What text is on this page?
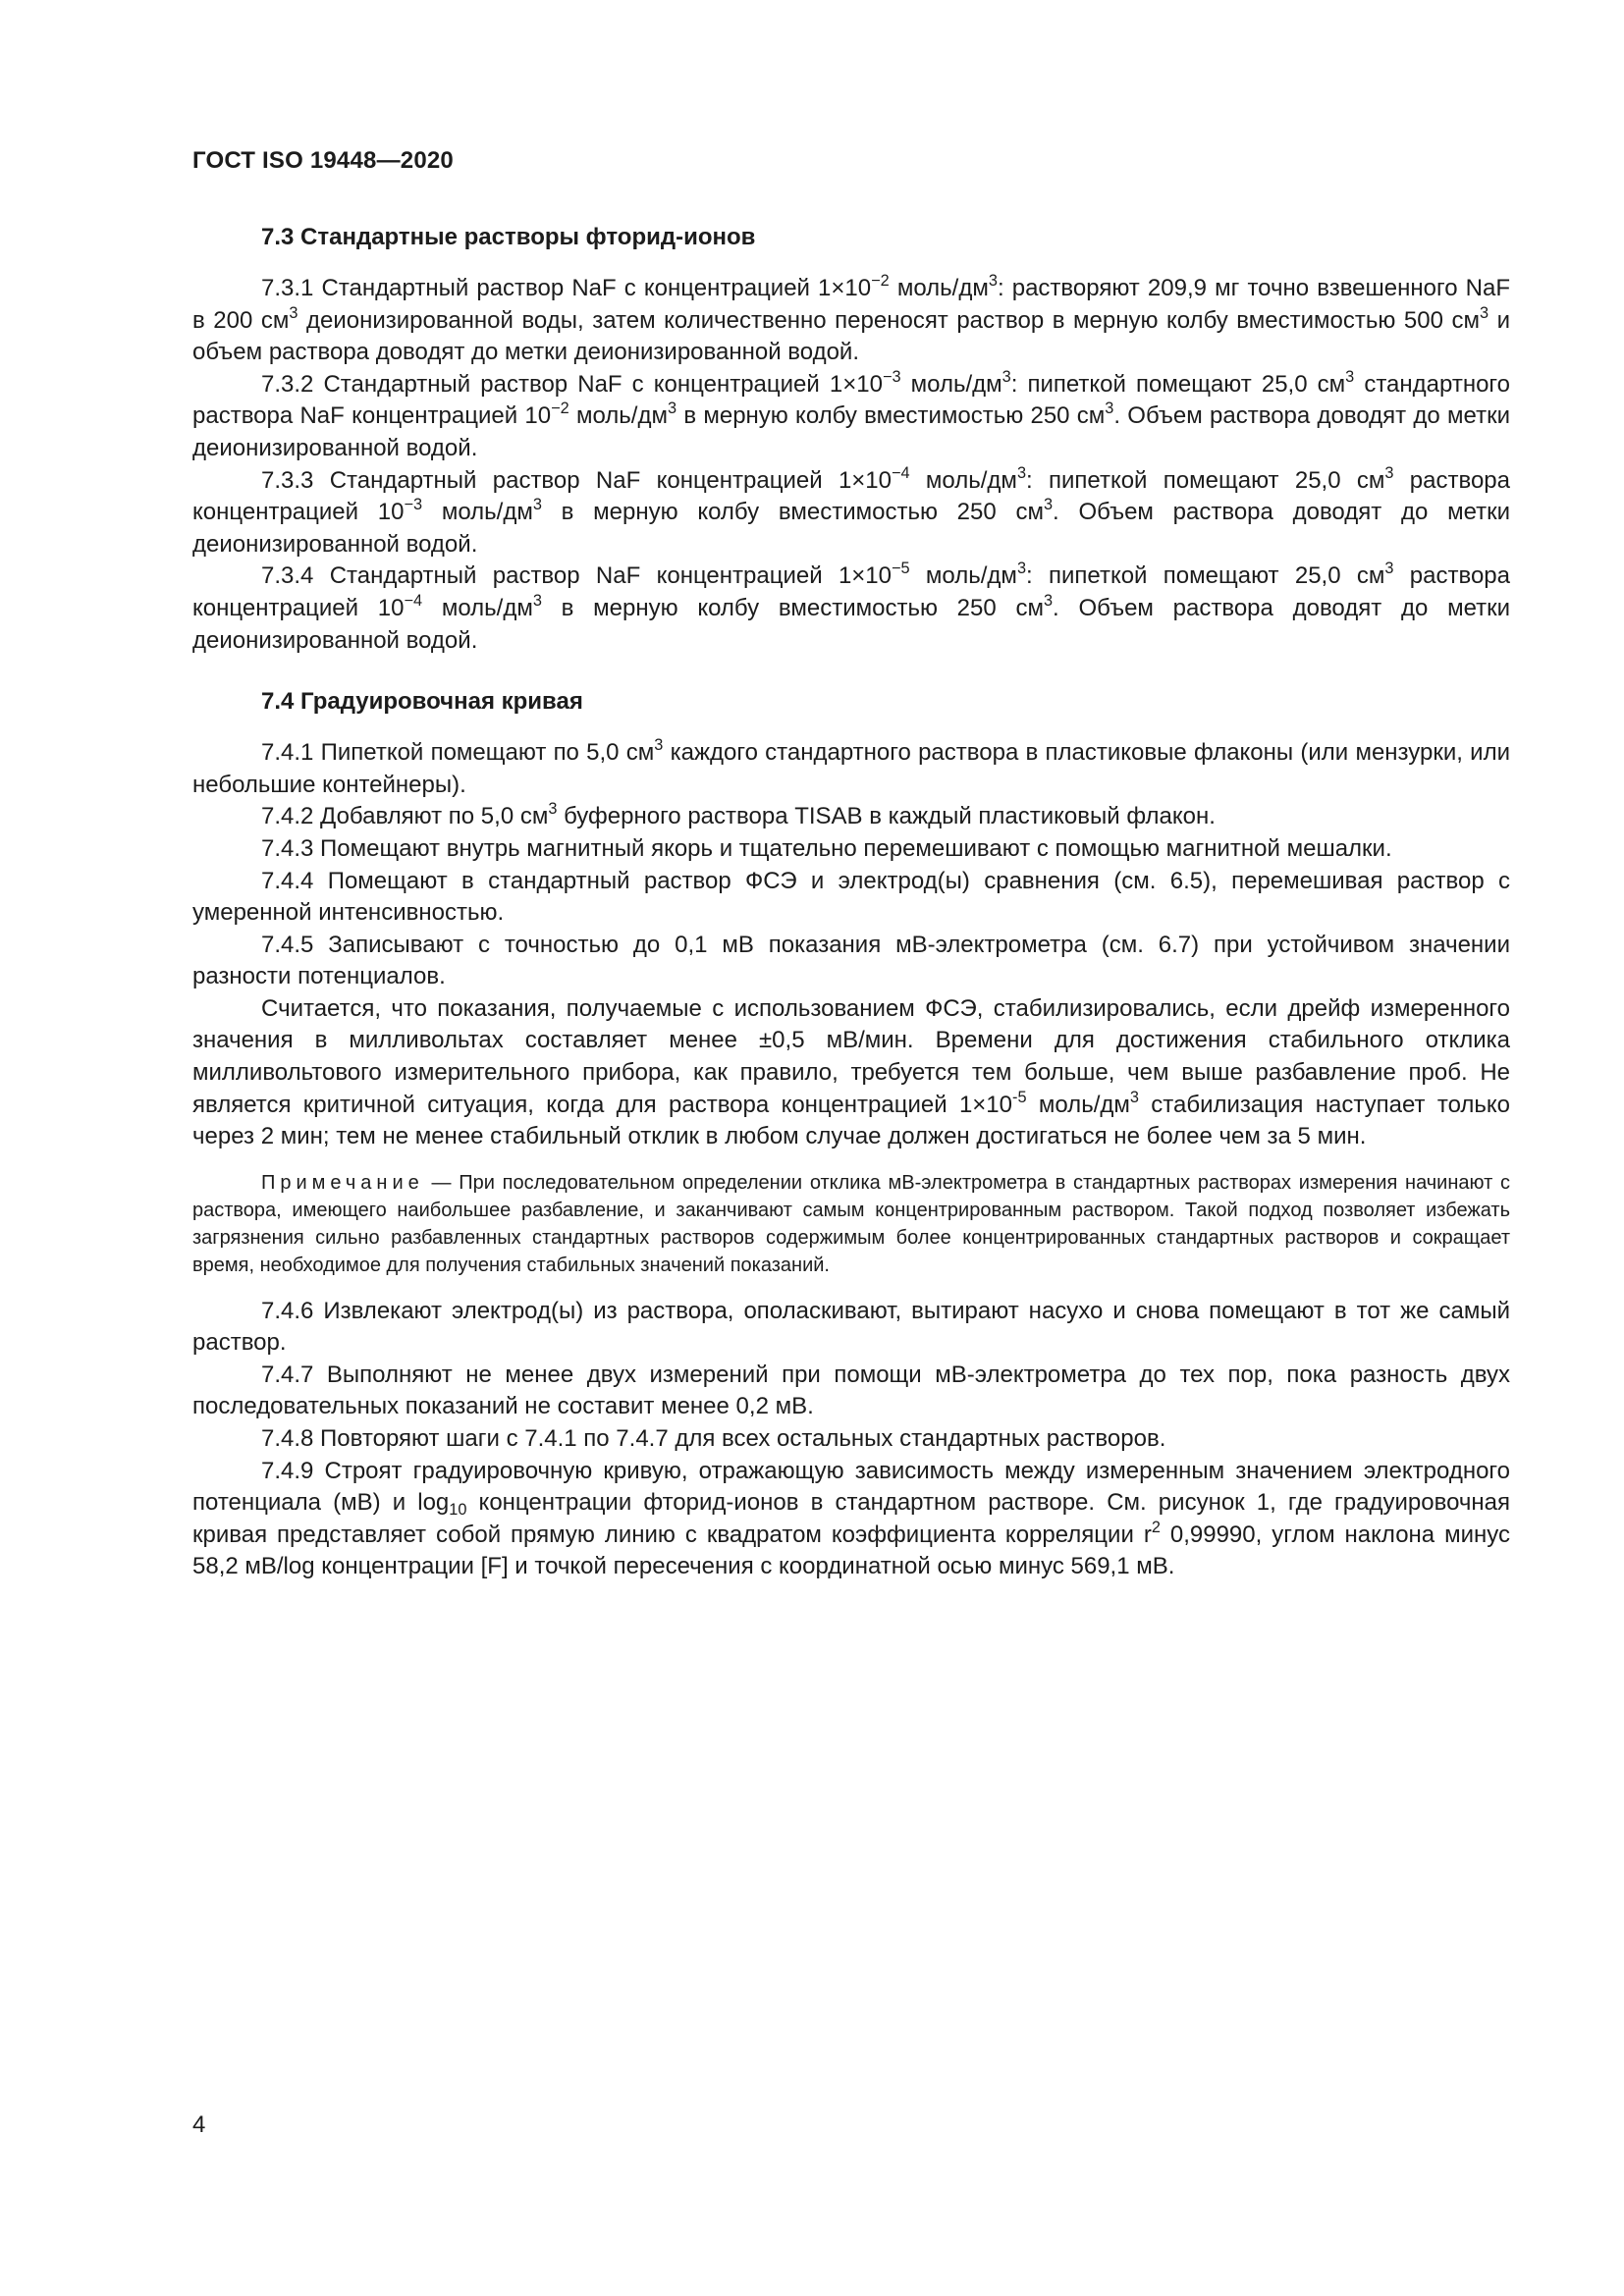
ГОСТ ISO 19448—2020
7.3 Стандартные растворы фторид-ионов

7.3.1 Стандартный раствор NaF с концентрацией $1\times 10^{-2}$ моль/$дм^3$: растворяют 209,9 мг точно взвешенного NaF в 200 $см^3$ деионизированной воды, затем количественно переносят раствор в мерную колбу вместимостью 500 $см^3$ и объем раствора доводят до метки деионизированной водой.

7.3.2 Стандартный раствор NaF с концентрацией $1\times 10^{-3}$ моль/$дм^3$: пипеткой помещают 25,0 $см^3$ стандартного раствора NaF концентрацией $10^{-2}$ моль/$дм^3$ в мерную колбу вместимостью 250 $см^3$. Объем раствора доводят до метки деионизированной водой.

7.3.3 Стандартный раствор NaF концентрацией $1\times 10^{-4}$ моль/$дм^3$: пипеткой помещают 25,0 $см^3$ раствора концентрацией $10^{-3}$ моль/$дм^3$ в мерную колбу вместимостью 250 $см^3$. Объем раствора доводят до метки деионизированной водой.

7.3.4 Стандартный раствор NaF концентрацией $1\times 10^{-5}$ моль/$дм^3$: пипеткой помещают 25,0 $см^3$ раствора концентрацией $10^{-4}$ моль/$дм^3$ в мерную колбу вместимостью 250 $см^3$. Объем раствора доводят до метки деионизированной водой.

7.4 Градуировочная кривая

7.4.1 Пипеткой помещают по 5,0 $см^3$ каждого стандартного раствора в пластиковые флаконы (или мензурки, или небольшие контейнеры).

7.4.2 Добавляют по 5,0 $см^3$ буферного раствора TISAB в каждый пластиковый флакон.

7.4.3 Помещают внутрь магнитный якорь и тщательно перемешивают с помощью магнитной мешалки.

7.4.4 Помещают в стандартный раствор ФСЭ и электрод(ы) сравнения (см. 6.5), перемешивая раствор с умеренной интенсивностью.

7.4.5 Записывают с точностью до 0,1 мВ показания мВ-электрометра (см. 6.7) при устойчивом значении разности потенциалов.

Считается, что показания, получаемые с использованием ФСЭ, стабилизировались, если дрейф измеренного значения в милливольтах составляет менее ±0,5 мВ/мин. Времени для достижения стабильного отклика милливольтового измерительного прибора, как правило, требуется тем больше, чем выше разбавление проб. Не является критичной ситуация, когда для раствора концентрацией $1\times 10^{-5}$ моль/$дм^3$ стабилизация наступает только через 2 мин; тем не менее стабильный отклик в любом случае должен достигаться не более чем за 5 мин.

Примечание — При последовательном определении отклика мВ-электрометра в стандартных растворах измерения начинают с раствора, имеющего наибольшее разбавление, и заканчивают самым концентрированным раствором. Такой подход позволяет избежать загрязнения сильно разбавленных стандартных растворов содержимым более концентрированных стандартных растворов и сокращает время, необходимое для получения стабильных значений показаний.

7.4.6 Извлекают электрод(ы) из раствора, ополаскивают, вытирают насухо и снова помещают в тот же самый раствор.

7.4.7 Выполняют не менее двух измерений при помощи мВ-электрометра до тех пор, пока разность двух последовательных показаний не составит менее 0,2 мВ.

7.4.8 Повторяют шаги с 7.4.1 по 7.4.7 для всех остальных стандартных растворов.

7.4.9 Строят градуировочную кривую, отражающую зависимость между измеренным значением электродного потенциала (мВ) и $\log_{10}$ концентрации фторид-ионов в стандартном растворе. См. рисунок 1, где градуировочная кривая представляет собой прямую линию с квадратом коэффициента корреляции $r^2$ 0,99990, углом наклона минус 58,2 мВ/log концентрации [F] и точкой пересечения с координатной осью минус 569,1 мВ.

4
